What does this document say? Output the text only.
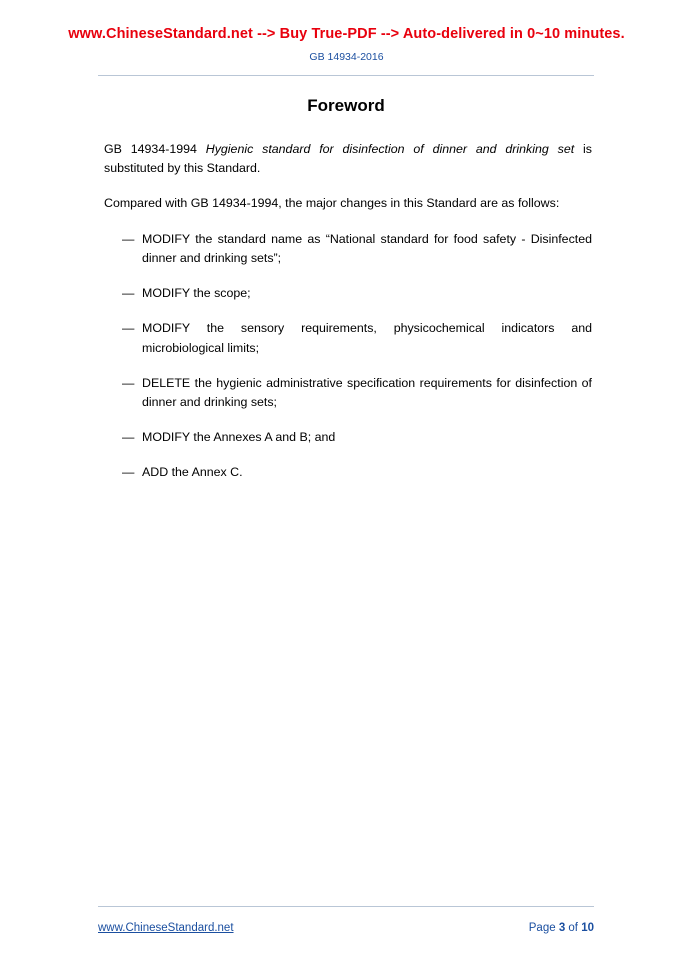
www.ChineseStandard.net --> Buy True-PDF --> Auto-delivered in 0~10 minutes.
GB 14934-2016
Foreword

GB 14934-1994 Hygienic standard for disinfection of dinner and drinking set is substituted by this Standard.

Compared with GB 14934-1994, the major changes in this Standard are as follows:

— MODIFY the standard name as “National standard for food safety - Disinfected dinner and drinking sets”;
— MODIFY the scope;
— MODIFY the sensory requirements, physicochemical indicators and microbiological limits;
— DELETE the hygienic administrative specification requirements for disinfection of dinner and drinking sets;
— MODIFY the Annexes A and B; and
— ADD the Annex C.
www.ChineseStandard.net	Page 3 of 10
